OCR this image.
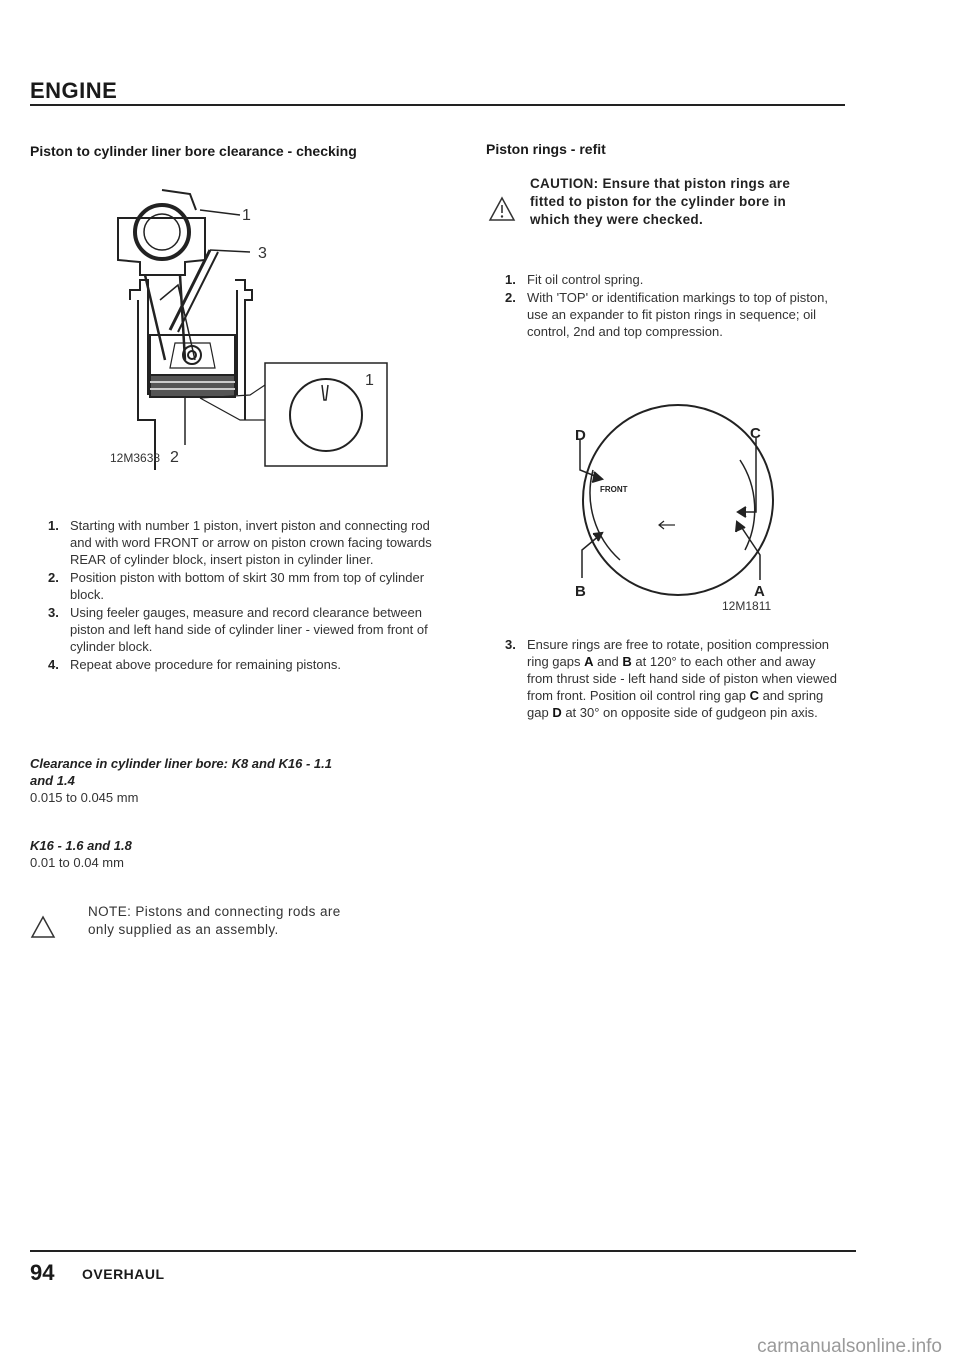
ENGINE
Piston to cylinder liner bore clearance - checking
1
3
2
1
12M3638
1. Starting with number 1 piston, invert piston and connecting rod and with word FRONT or arrow on piston crown facing towards REAR of cylinder block, insert piston in cylinder liner.
2. Position piston with bottom of skirt 30 mm from top of cylinder block.
3. Using feeler gauges, measure and record clearance between piston and left hand side of cylinder liner - viewed from front of cylinder block.
4. Repeat above procedure for remaining pistons.
Clearance in cylinder liner bore: K8 and K16 - 1.1
and 1.4
0.015 to 0.045 mm
K16 - 1.6 and 1.8
0.01 to 0.04 mm
NOTE: Pistons and connecting rods are
only supplied as an assembly.
Piston rings - refit
CAUTION: Ensure that piston rings are
fitted to piston for the cylinder bore in
which they were checked.
1. Fit oil control spring.
2. With 'TOP' or identification markings to top of piston, use an expander to fit piston rings in sequence; oil control, 2nd and top compression.
D	C
B	A
FRONT
12M1811
3. Ensure rings are free to rotate, position compression ring gaps A and B at 120° to each other and away from thrust side - left hand side of piston when viewed from front. Position oil control ring gap C and spring gap D at 30° on opposite side of gudgeon pin axis.
94 OVERHAUL
carmanualsonline.info
